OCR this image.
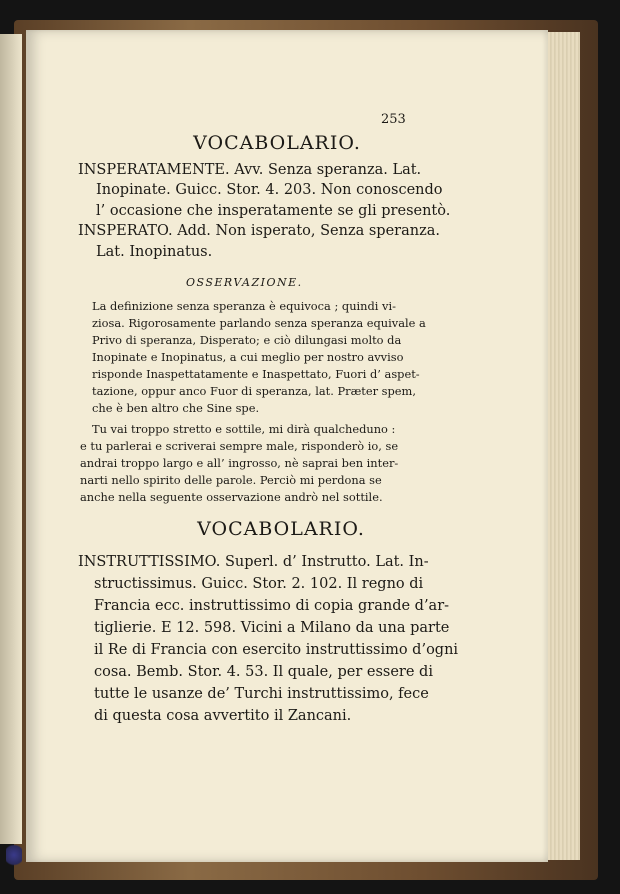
253
VOCABOLARIO.
INSPERATAMENTE. Avv. Senza speranza. Lat.
Inopinate. Guicc. Stor. 4. 203. Non conoscendo
l’ occasione che insperatamente se gli presentò.
INSPERATO. Add. Non isperato, Senza speranza.
Lat. Inopinatus.
OSSERVAZIONE.
La definizione senza speranza è equivoca ; quindi vi-
ziosa. Rigorosamente parlando senza speranza equivale a
Privo di speranza, Disperato; e ciò dilungasi molto da
Inopinate e Inopinatus, a cui meglio per nostro avviso
risponde Inaspettatamente e Inaspettato, Fuori d’ aspet-
tazione, oppur anco Fuor di speranza, lat. Præter spem,
che è ben altro che Sine spe.
Tu vai troppo stretto e sottile, mi dirà qualcheduno :
e tu parlerai e scriverai sempre male, risponderò io, se
andrai troppo largo e all’ ingrosso, nè saprai ben inter-
narti nello spirito delle parole. Perciò mi perdona se
anche nella seguente osservazione andrò nel sottile.
VOCABOLARIO.
INSTRUTTISSIMO. Superl. d’ Instrutto. Lat. In-
structissimus. Guicc. Stor. 2. 102. Il regno di
Francia ecc. instruttissimo di copia grande d’ar-
tiglierie. E 12. 598. Vicini a Milano da una parte
il Re di Francia con esercito instruttissimo d’ogni
cosa. Bemb. Stor. 4. 53. Il quale, per essere di
tutte le usanze de’ Turchi instruttissimo, fece
di questa cosa avvertito il Zancani.
